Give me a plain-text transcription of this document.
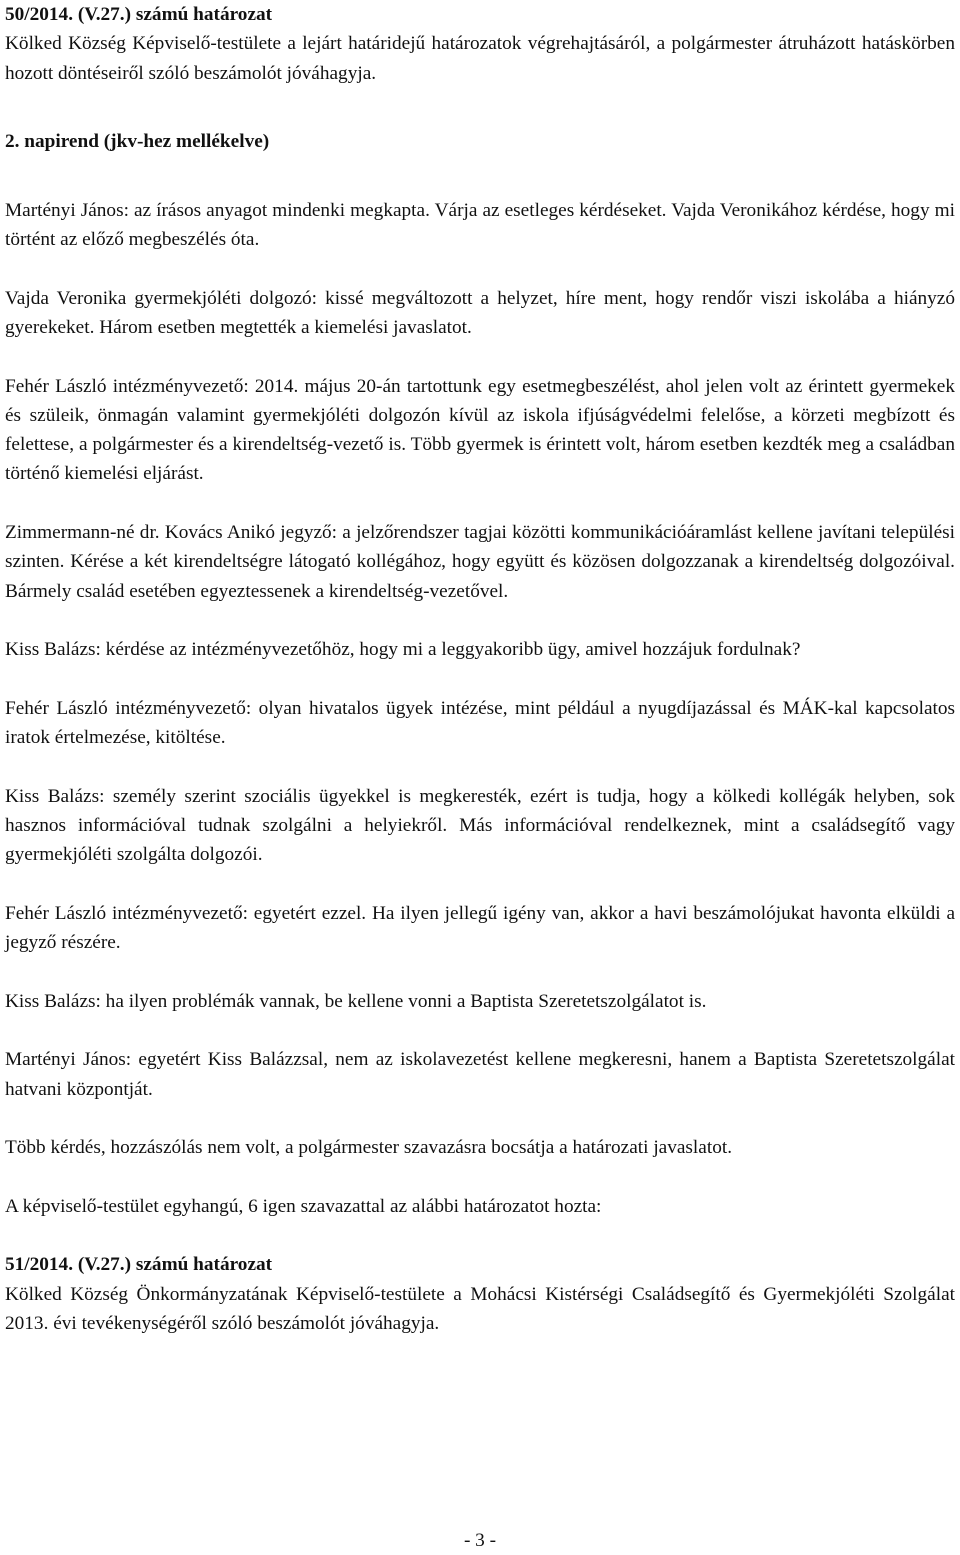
50/2014. (V.27.) számú határozat

Kölked Község Képviselő-testülete a lejárt határidejű határozatok végrehajtásáról, a polgármester átruházott hatáskörben hozott döntéseiről szóló beszámolót jóváhagyja.

2. napirend (jkv-hez mellékelve)

Martényi János: az írásos anyagot mindenki megkapta. Várja az esetleges kérdéseket. Vajda Veronikához kérdése, hogy mi történt az előző megbeszélés óta.

Vajda Veronika gyermekjóléti dolgozó: kissé megváltozott a helyzet, híre ment, hogy rendőr viszi iskolába a hiányzó gyerekeket. Három esetben megtették a kiemelési javaslatot.

Fehér László intézményvezető: 2014. május 20-án tartottunk egy esetmegbeszélést, ahol jelen volt az érintett gyermekek és szüleik, önmagán valamint gyermekjóléti dolgozón kívül az iskola ifjúságvédelmi felelőse, a körzeti megbízott és felettese, a polgármester és a kirendeltség-vezető is. Több gyermek is érintett volt, három esetben kezdték meg a családban történő kiemelési eljárást.

Zimmermann-né dr. Kovács Anikó jegyző: a jelzőrendszer tagjai közötti kommunikációáramlást kellene javítani települési szinten. Kérése a két kirendeltségre látogató kollégához, hogy együtt és közösen dolgozzanak a kirendeltség dolgozóival. Bármely család esetében egyeztessenek a kirendeltség-vezetővel.

Kiss Balázs: kérdése az intézményvezetőhöz, hogy mi a leggyakoribb ügy, amivel hozzájuk fordulnak?

Fehér László intézményvezető: olyan hivatalos ügyek intézése, mint például a nyugdíjazással és MÁK-kal kapcsolatos iratok értelmezése, kitöltése.

Kiss Balázs: személy szerint szociális ügyekkel is megkeresték, ezért is tudja, hogy a kölkedi kollégák helyben, sok hasznos információval tudnak szolgálni a helyiekről. Más információval rendelkeznek, mint a családsegítő vagy gyermekjóléti szolgálta dolgozói.

Fehér László intézményvezető: egyetért ezzel. Ha ilyen jellegű igény van, akkor a havi beszámolójukat havonta elküldi a jegyző részére.

Kiss Balázs: ha ilyen problémák vannak, be kellene vonni a Baptista Szeretetszolgálatot is.

Martényi János: egyetért Kiss Balázzsal, nem az iskolavezetést kellene megkeresni, hanem a Baptista Szeretetszolgálat hatvani központját.

Több kérdés, hozzászólás nem volt, a polgármester szavazásra bocsátja a határozati javaslatot.

A képviselő-testület egyhangú, 6 igen szavazattal az alábbi határozatot hozta:

51/2014. (V.27.) számú határozat

Kölked Község Önkormányzatának Képviselő-testülete a Mohácsi Kistérségi Családsegítő és Gyermekjóléti Szolgálat 2013. évi tevékenységéről szóló beszámolót jóváhagyja.

- 3 -
